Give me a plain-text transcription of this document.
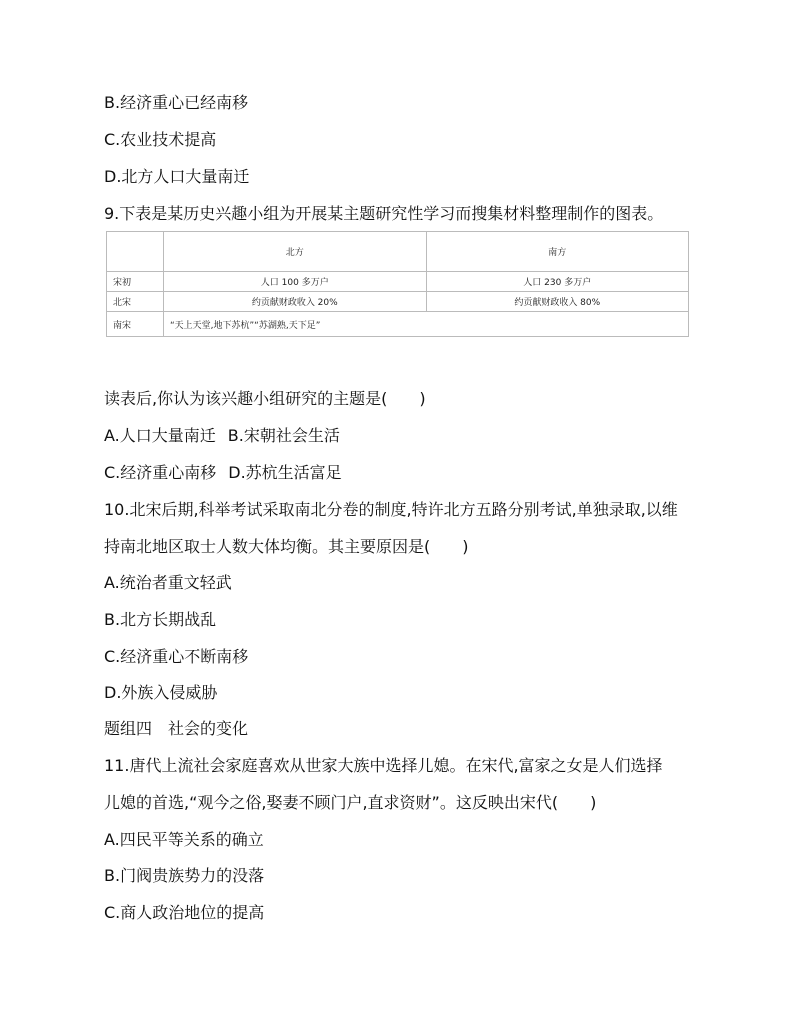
B.经济重心已经南移
C.农业技术提高
D.北方人口大量南迁
9.下表是某历史兴趣小组为开展某主题研究性学习而搜集材料整理制作的图表。
	北方	南方
宋初	人口 100 多万户	人口 230 多万户
北宋	约贡献财政收入 20%	约贡献财政收入 80%
南宋	“天上天堂,地下苏杭”“苏湖熟,天下足”	
读表后,你认为该兴趣小组研究的主题是(　　)
A.人口大量南迁 B.宋朝社会生活
C.经济重心南移 D.苏杭生活富足
10.北宋后期,科举考试采取南北分卷的制度,特许北方五路分别考试,单独录取,以维
持南北地区取士人数大体均衡。其主要原因是(　　)
A.统治者重文轻武
B.北方长期战乱
C.经济重心不断南移
D.外族入侵威胁
题组四　社会的变化
11.唐代上流社会家庭喜欢从世家大族中选择儿媳。在宋代,富家之女是人们选择
儿媳的首选,“观今之俗,娶妻不顾门户,直求资财”。这反映出宋代(　　)
A.四民平等关系的确立
B.门阀贵族势力的没落
C.商人政治地位的提高
